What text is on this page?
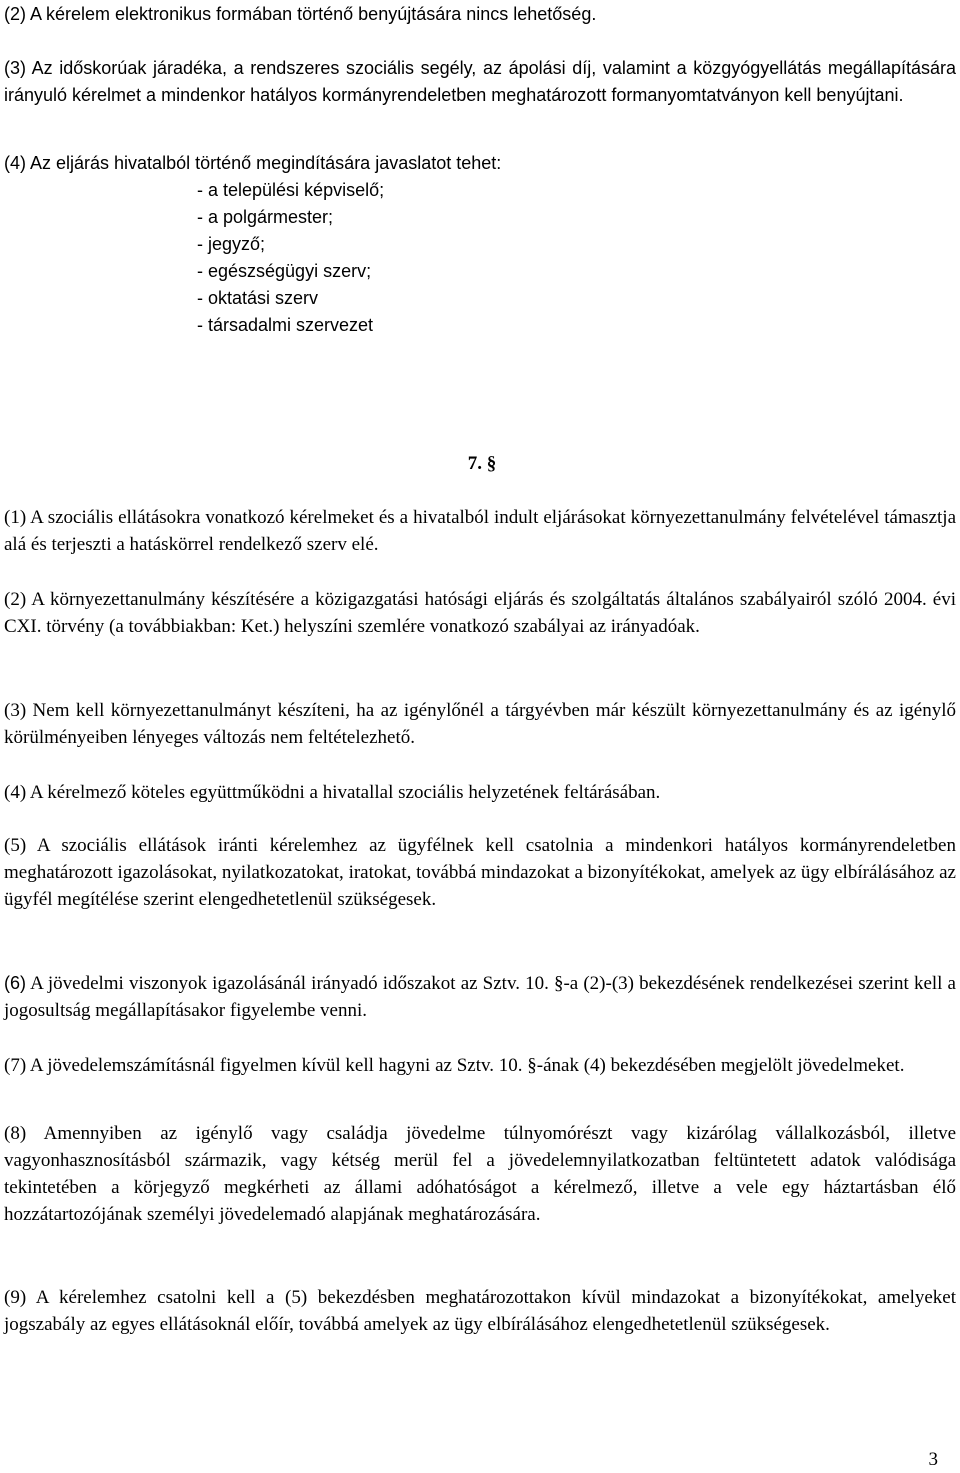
(2) A kérelem elektronikus formában történő benyújtására nincs lehetőség.

(3) Az időskorúak járadéka, a rendszeres szociális segély, az ápolási díj, valamint a közgyógyellátás megállapítására irányuló kérelmet a mindenkor hatályos kormányrendeletben meghatározott formanyomtatványon kell benyújtani.

(4) Az eljárás hivatalból történő megindítására javaslatot tehet:

- a települési képviselő;

- a polgármester;

- jegyző;

- egészségügyi szerv;

- oktatási szerv

- társadalmi szervezet

7. §

(1) A szociális ellátásokra vonatkozó kérelmeket és a hivatalból indult eljárásokat környezettanulmány felvételével támasztja alá és terjeszti a hatáskörrel rendelkező szerv elé.

(2) A környezettanulmány készítésére a közigazgatási hatósági eljárás és szolgáltatás általános szabályairól szóló 2004. évi CXI. törvény (a továbbiakban: Ket.) helyszíni szemlére vonatkozó szabályai az irányadóak.

(3) Nem kell környezettanulmányt készíteni, ha az igénylőnél a tárgyévben már készült környezettanulmány és az igénylő körülményeiben lényeges változás nem feltételezhető.

(4) A kérelmező köteles együttműködni a hivatallal szociális helyzetének feltárásában.

(5) A szociális ellátások iránti kérelemhez az ügyfélnek kell csatolnia a mindenkori hatályos kormányrendeletben meghatározott igazolásokat, nyilatkozatokat, iratokat, továbbá mindazokat a bizonyítékokat, amelyek az ügy elbírálásához az ügyfél megítélése szerint elengedhetetlenül szükségesek.

(6) A jövedelmi viszonyok igazolásánál irányadó időszakot az Sztv. 10. §-a (2)-(3) bekezdésének rendelkezései szerint kell a jogosultság megállapításakor figyelembe venni.

(7) A jövedelemszámításnál figyelmen kívül kell hagyni az Sztv. 10. §-ának (4) bekezdésében megjelölt jövedelmeket.

(8) Amennyiben az igénylő vagy családja jövedelme túlnyomórészt vagy kizárólag vállalkozásból, illetve vagyonhasznosításból származik, vagy kétség merül fel a jövedelemnyilatkozatban feltüntetett adatok valódisága tekintetében a körjegyző megkérheti az állami adóhatóságot a kérelmező, illetve a vele egy háztartásban élő hozzátartozójának személyi jövedelemadó alapjának meghatározására.

(9) A kérelemhez csatolni kell a (5) bekezdésben meghatározottakon kívül mindazokat a bizonyítékokat, amelyeket jogszabály az egyes ellátásoknál előír, továbbá amelyek az ügy elbírálásához elengedhetetlenül szükségesek.

3
